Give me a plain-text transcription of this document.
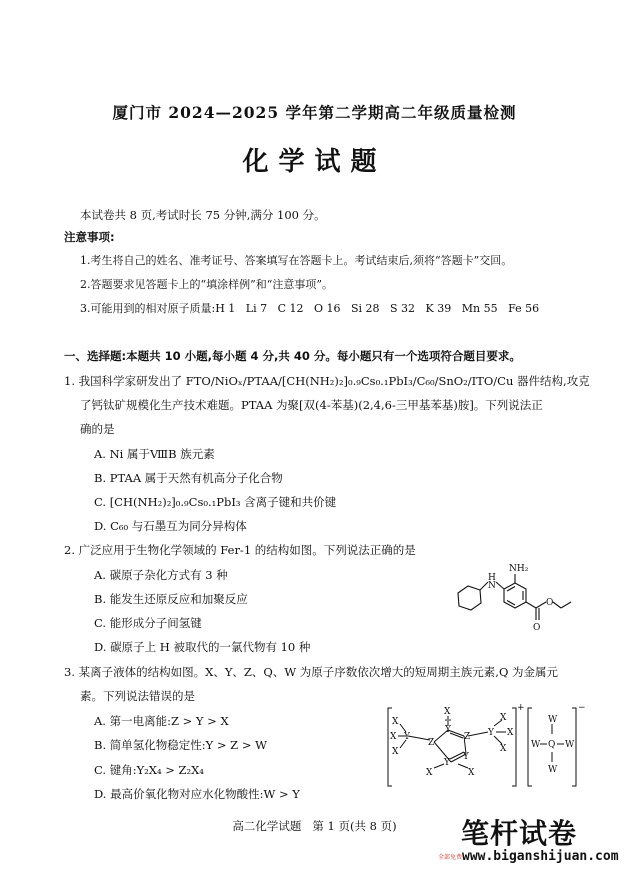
厦门市 2024—2025 学年第二学期高二年级质量检测
化学试题
本试卷共 8 页,考试时长 75 分钟,满分 100 分。
注意事项:
1.考生将自己的姓名、准考证号、答案填写在答题卡上。考试结束后,须将“答题卡”交回。
2.答题要求见答题卡上的“填涂样例”和“注意事项”。
3.可能用到的相对原子质量:H 1   Li 7   C 12   O 16   Si 28   S 32   K 39   Mn 55   Fe 56
一、选择题:本题共 10 小题,每小题 4 分,共 40 分。每小题只有一个选项符合题目要求。
1. 我国科学家研发出了 FTO/NiOₓ/PTAA/[CH(NH₂)₂]₀.₉Cs₀.₁PbI₃/C₆₀/SnO₂/ITO/Cu 器件结构,攻克
了钙钛矿规模化生产技术难题。PTAA 为聚[双(4-苯基)(2,4,6-三甲基苯基)胺]。下列说法正
确的是
A. Ni 属于ⅧB 族元素
B. PTAA 属于天然有机高分子化合物
C. [CH(NH₂)₂]₀.₉Cs₀.₁PbI₃ 含离子键和共价键
D. C₆₀ 与石墨互为同分异构体
2. 广泛应用于生物化学领域的 Fer-1 的结构如图。下列说法正确的是
A. 碳原子杂化方式有 3 种
B. 能发生还原反应和加聚反应
C. 能形成分子间氢键
D. 碳原子上 H 被取代的一氯代物有 10 种
H
N
NH₂
O
O
3. 某离子液体的结构如图。X、Y、Z、Q、W 为原子序数依次增大的短周期主族元素,Q 为金属元
素。下列说法错误的是
A. 第一电离能:Z > Y > X
B. 简单氢化物稳定性:Y > Z > W
C. 键角:Y₂X₄ > Z₂X₄
D. 最高价氧化物对应水化物酸性:W > Y
X
X
X
Y
Z
X
Y
Z Y
X
X
X
Y
Y
X	X
+	−
W
W Q W
W
高二化学试题   第 1 页(共 8 页)	笔杆试卷
全部免费 www.biganshijuan.com
